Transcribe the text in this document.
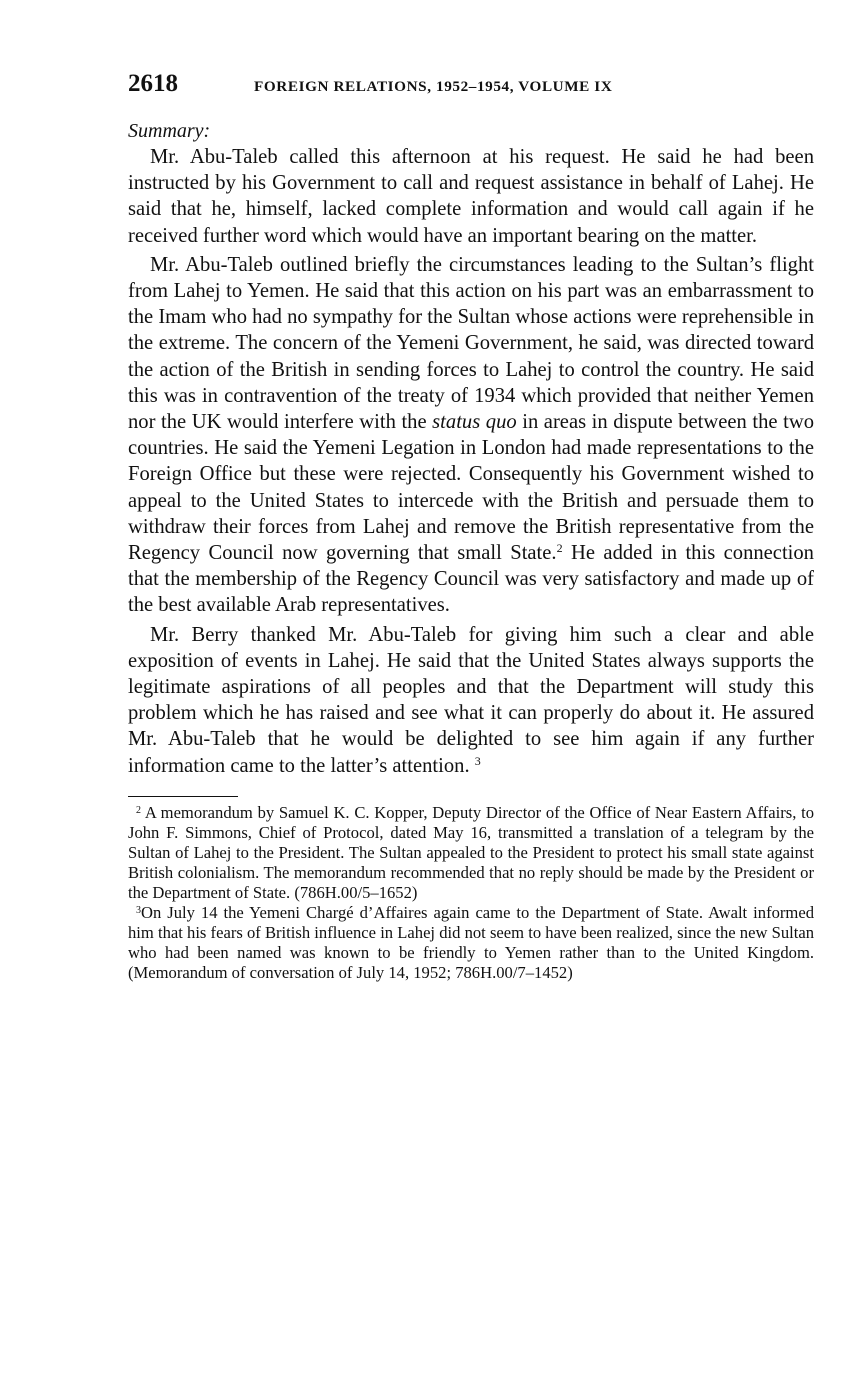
2618	FOREIGN RELATIONS, 1952–1954, VOLUME IX
Summary:

Mr. Abu-Taleb called this afternoon at his request. He said he had been instructed by his Government to call and request assistance in behalf of Lahej. He said that he, himself, lacked complete information and would call again if he received further word which would have an important bearing on the matter.

Mr. Abu-Taleb outlined briefly the circumstances leading to the Sultan’s flight from Lahej to Yemen. He said that this action on his part was an embarrassment to the Imam who had no sympathy for the Sultan whose actions were reprehensible in the extreme. The concern of the Yemeni Government, he said, was directed toward the action of the British in sending forces to Lahej to control the country. He said this was in contravention of the treaty of 1934 which provided that neither Yemen nor the UK would interfere with the status quo in areas in dispute between the two countries. He said the Yemeni Legation in London had made representations to the Foreign Office but these were rejected. Consequently his Government wished to appeal to the United States to intercede with the British and persuade them to withdraw their forces from Lahej and remove the British representative from the Regency Council now governing that small State.$^2$ He added in this connection that the membership of the Regency Council was very satisfactory and made up of the best available Arab representatives.

Mr. Berry thanked Mr. Abu-Taleb for giving him such a clear and able exposition of events in Lahej. He said that the United States always supports the legitimate aspirations of all peoples and that the Department will study this problem which he has raised and see what it can properly do about it. He assured Mr. Abu-Taleb that he would be delighted to see him again if any further information came to the latter’s attention. $^3$

$^2$ A memorandum by Samuel K. C. Kopper, Deputy Director of the Office of Near Eastern Affairs, to John F. Simmons, Chief of Protocol, dated May 16, transmitted a translation of a telegram by the Sultan of Lahej to the President. The Sultan appealed to the President to protect his small state against British colonialism. The memorandum recommended that no reply should be made by the President or the Department of State. (786H.00/5–1652)

$^3$On July 14 the Yemeni Chargé d’Affaires again came to the Department of State. Awalt informed him that his fears of British influence in Lahej did not seem to have been realized, since the new Sultan who had been named was known to be friendly to Yemen rather than to the United Kingdom. (Memorandum of conversation of July 14, 1952; 786H.00/7–1452)
